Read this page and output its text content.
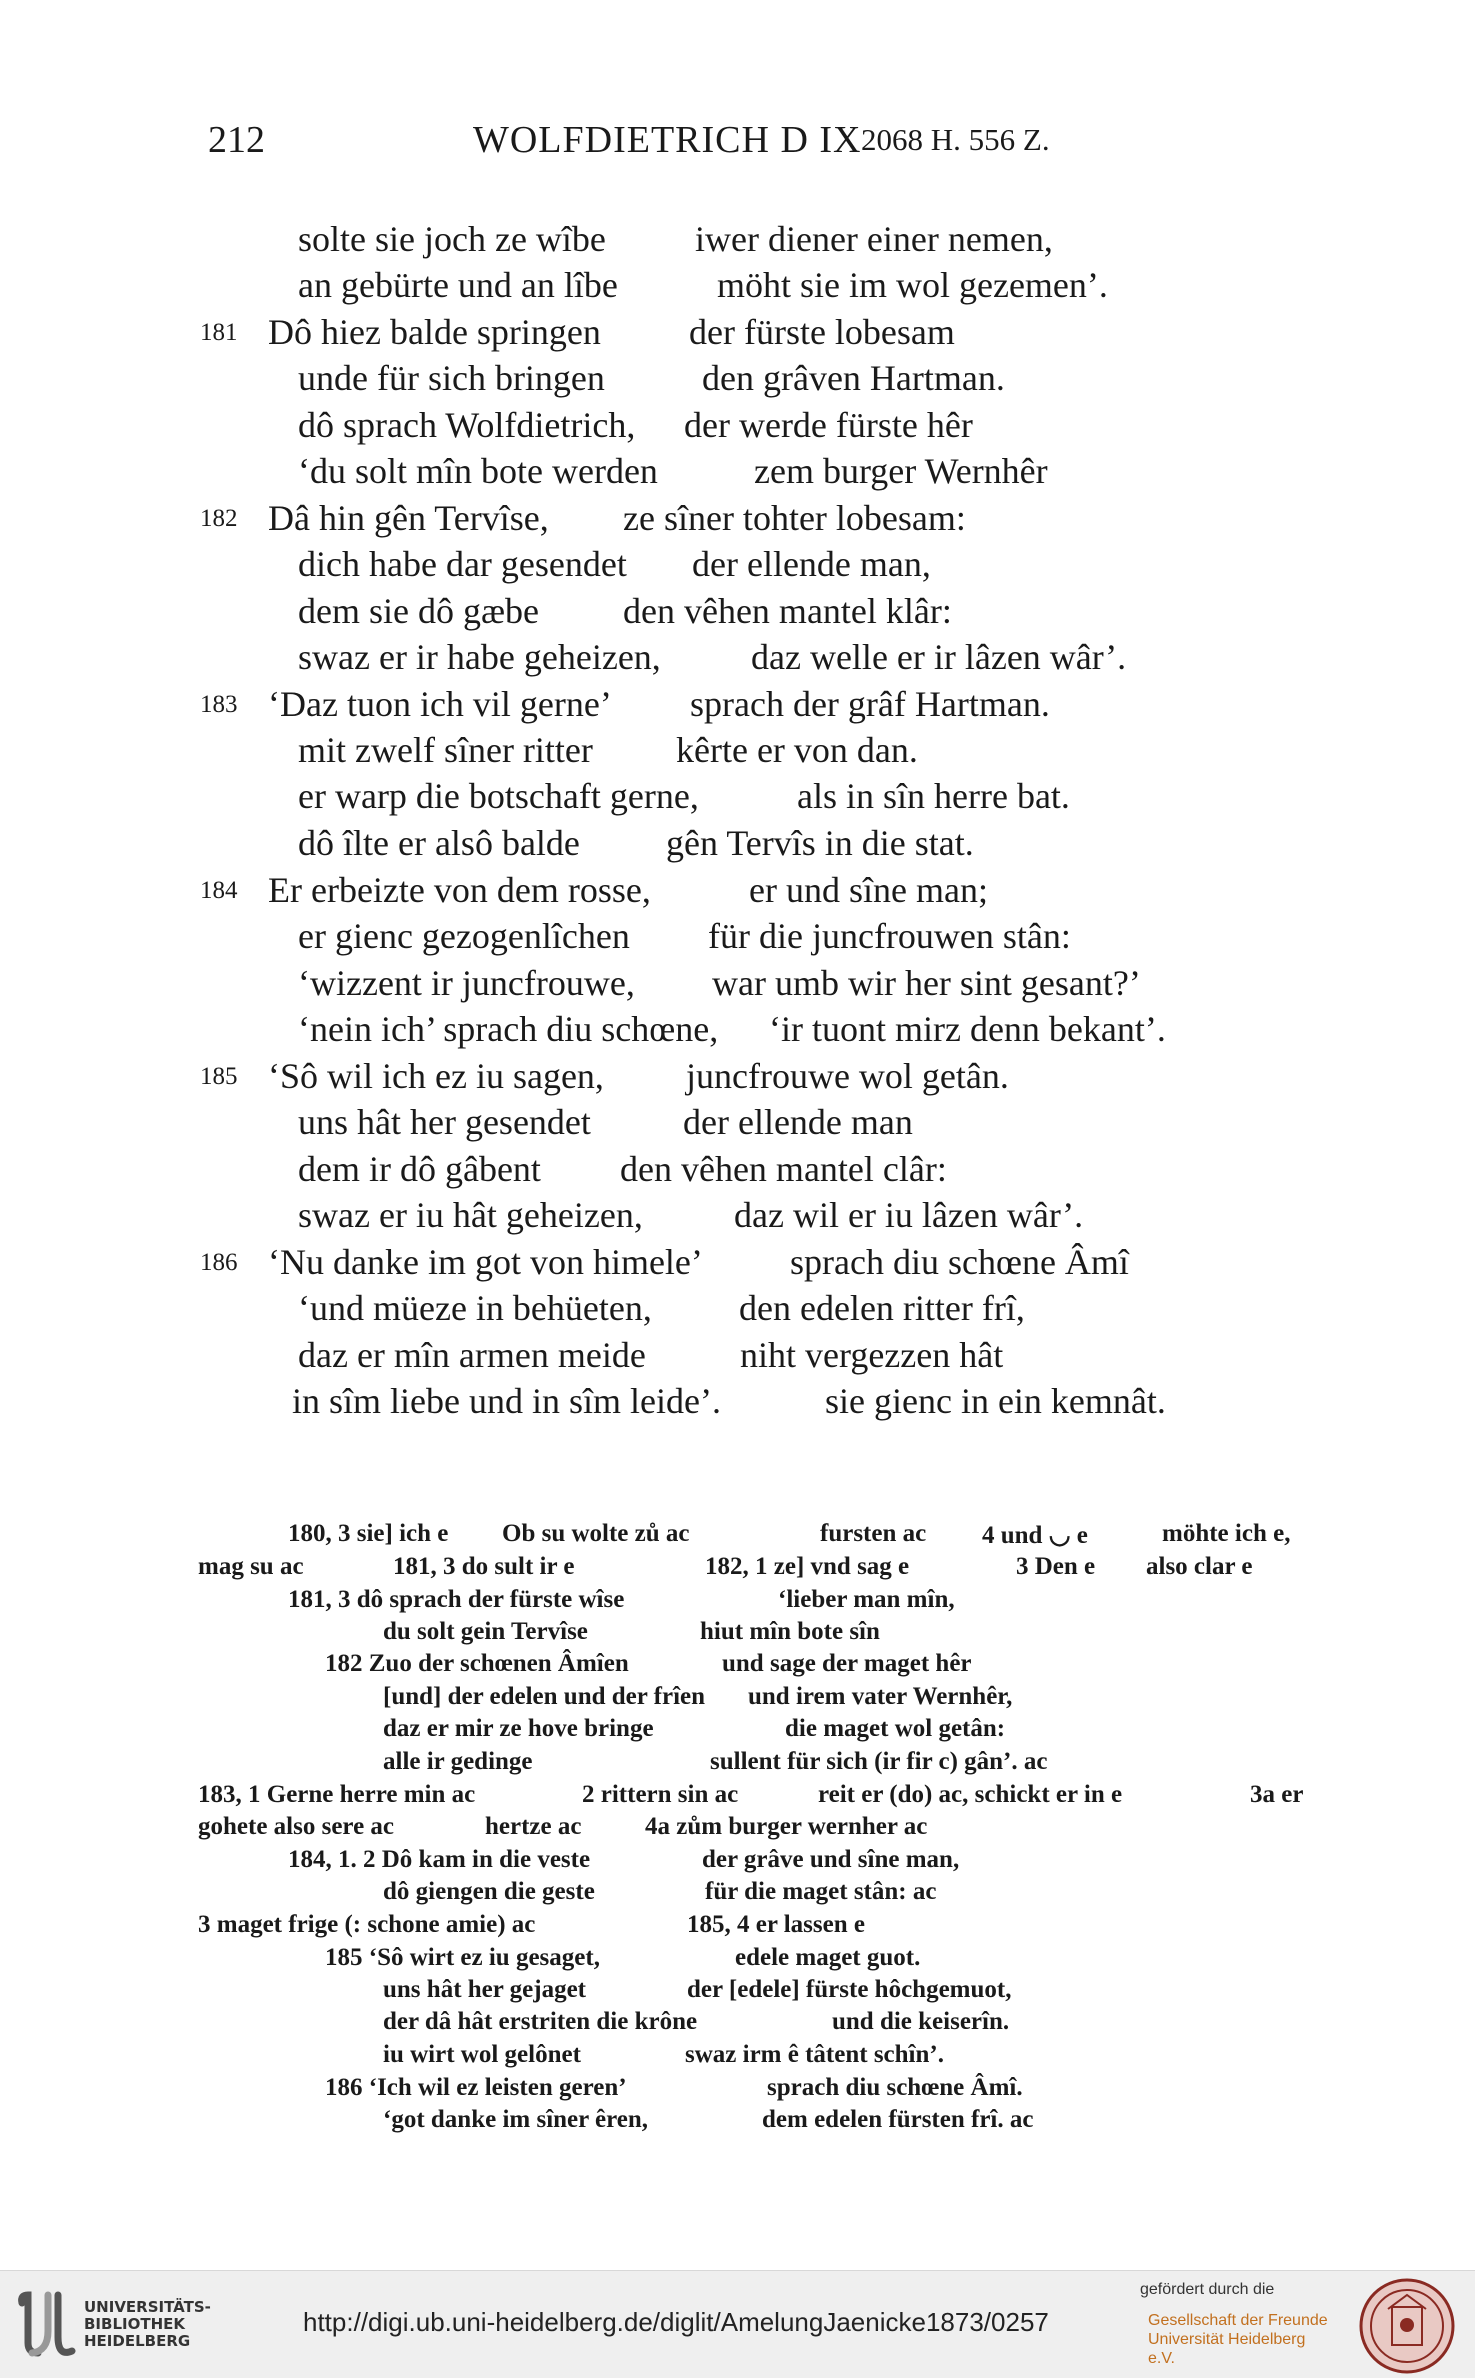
212	WOLFDIETRICH D IX 2068 H. 556 Z.
solte sie joch ze wîbe iwer diener einer nemen,
an gebürte und an lîbe	möht sie im wol gezemen’.
181 Dô hiez balde springen der fürste lobesam
unde für sich bringen	den grâven Hartman.
dô sprach Wolfdietrich, der werde fürste hêr
‘du solt mîn bote werden	zem burger Wernhêr
182 Dâ hin gên Tervîse, ze sîner tohter lobesam:
dich habe dar gesendet der ellende man,
dem sie dô gæbe den vêhen mantel klâr:
swaz er ir habe geheizen,	daz welle er ir lâzen wâr’.
183 ‘Daz tuon ich vil gerne’ sprach der grâf Hartman.
mit zwelf sîner ritter kêrte er von dan.
er warp die botschaft gerne,	als in sîn herre bat.
dô îlte er alsô balde gên Tervîs in die stat.
184 Er erbeizte von dem rosse,	er und sîne man;
er gienc gezogenlîchen für die juncfrouwen stân:
‘wizzent ir juncfrouwe, war umb wir her sint gesant?’
‘nein ich’ sprach diu schœne, ‘ir tuont mirz denn bekant’.
185 ‘Sô wil ich ez iu sagen, juncfrouwe wol getân.
uns hât her gesendet	der ellende man
dem ir dô gâbent den vêhen mantel clâr:
swaz er iu hât geheizen,	daz wil er iu lâzen wâr’.
186 ‘Nu danke im got von himele’ sprach diu schœne Âmî
‘und müeze in behüeten, den edelen ritter frî,
daz er mîn armen meide	niht vergezzen hât
in sîm liebe und in sîm leide’.	sie gienc in ein kemnât.
180, 3 sie] ich e Ob su wolte zů ac	fursten ac 4 und ◡ e	möhte ich e,
mag su ac	181, 3 do sult ir e	182, 1 ze] vnd sag e	3 Den e also clar e
181, 3 dô sprach der fürste wîse	‘lieber man mîn,
du solt gein Tervîse	hiut mîn bote sîn
182 Zuo der schœnen Âmîen	und sage der maget hêr
[und] der edelen und der frîen und irem vater Wernhêr,
daz er mir ze hove bringe	die maget wol getân:
alle ir gedinge	sullent für sich (ir fir c) gân’. ac
183, 1 Gerne herre min ac	2 rittern sin ac	reit er (do) ac, schickt er in e	3a er
gohete also sere ac	hertze ac	4a zům burger wernher ac
184, 1. 2 Dô kam in die veste	der grâve und sîne man,
dô giengen die geste	für die maget stân: ac
3 maget frige (: schone amie) ac	185, 4 er lassen e
185 ‘Sô wirt ez iu gesaget,	edele maget guot.
uns hât her gejaget	der [edele] fürste hôchgemuot,
der dâ hât erstriten die krône	und die keiserîn.
iu wirt wol gelônet	swaz irm ê tâtent schîn’.
186 ‘Ich wil ez leisten geren’	sprach diu schœne Âmî.
‘got danke im sîner êren,	dem edelen fürsten frî. ac
UNIVERSITÄTS-
BIBLIOTHEK
HEIDELBERG
http://digi.ub.uni-heidelberg.de/diglit/AmelungJaenicke1873/0257
gefördert durch die
Gesellschaft der Freunde
Universität Heidelberg e.V.
